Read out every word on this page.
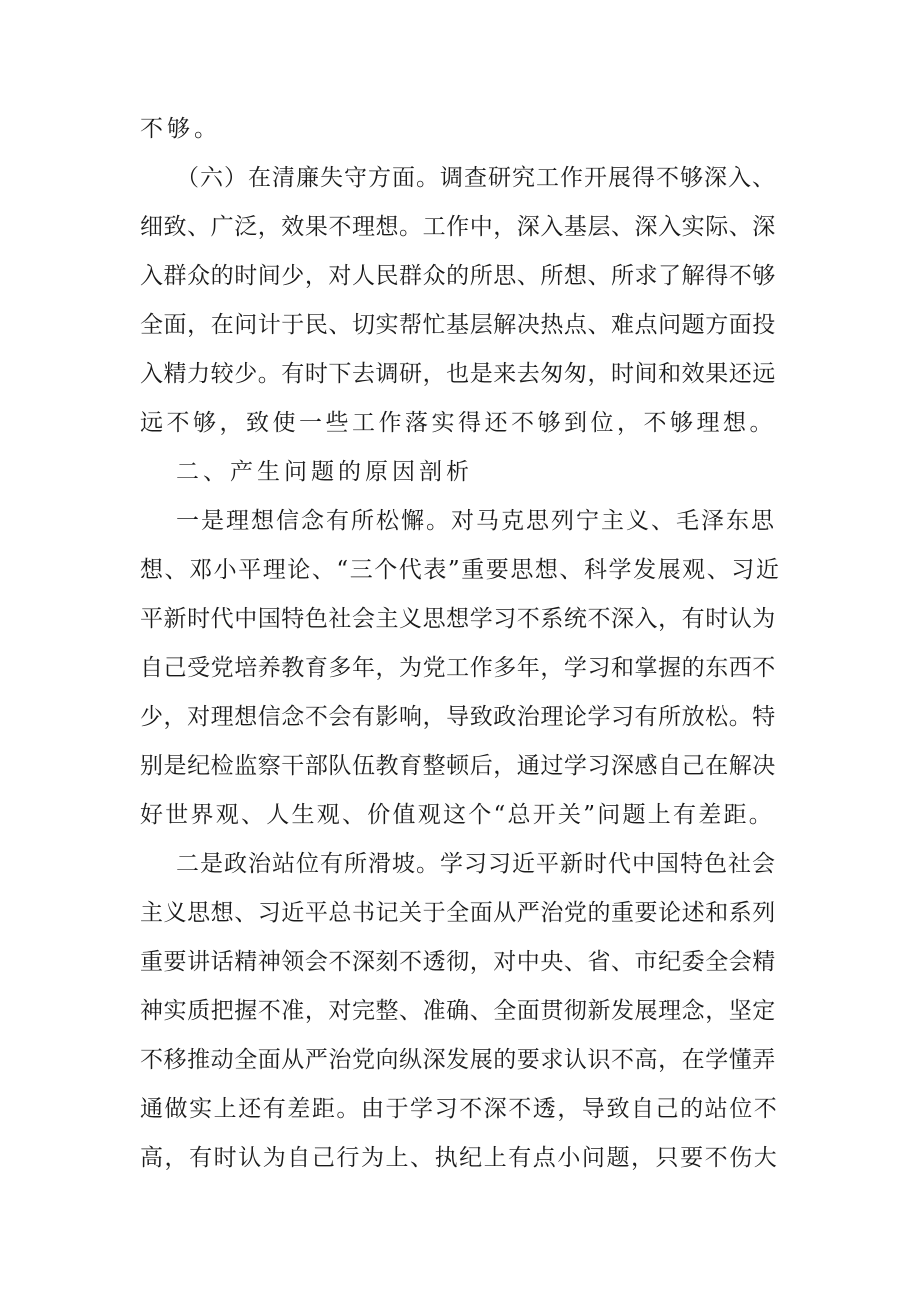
不够。

（六）在清廉失守方面。调查研究工作开展得不够深入、

细致、广泛，效果不理想。工作中，深入基层、深入实际、深

入群众的时间少，对人民群众的所思、所想、所求了解得不够

全面，在问计于民、切实帮忙基层解决热点、难点问题方面投

入精力较少。有时下去调研，也是来去匆匆，时间和效果还远

远不够，致使一些工作落实得还不够到位，不够理想。

二、产生问题的原因剖析

一是理想信念有所松懈。对马克思列宁主义、毛泽东思

想、邓小平理论、“三个代表”重要思想、科学发展观、习近

平新时代中国特色社会主义思想学习不系统不深入，有时认为

自己受党培养教育多年，为党工作多年，学习和掌握的东西不

少，对理想信念不会有影响，导致政治理论学习有所放松。特

别是纪检监察干部队伍教育整顿后，通过学习深感自己在解决

好世界观、人生观、价值观这个“总开关”问题上有差距。

二是政治站位有所滑坡。学习习近平新时代中国特色社会

主义思想、习近平总书记关于全面从严治党的重要论述和系列

重要讲话精神领会不深刻不透彻，对中央、省、市纪委全会精

神实质把握不准，对完整、准确、全面贯彻新发展理念，坚定

不移推动全面从严治党向纵深发展的要求认识不高，在学懂弄

通做实上还有差距。由于学习不深不透，导致自己的站位不

高，有时认为自己行为上、执纪上有点小问题，只要不伤大
